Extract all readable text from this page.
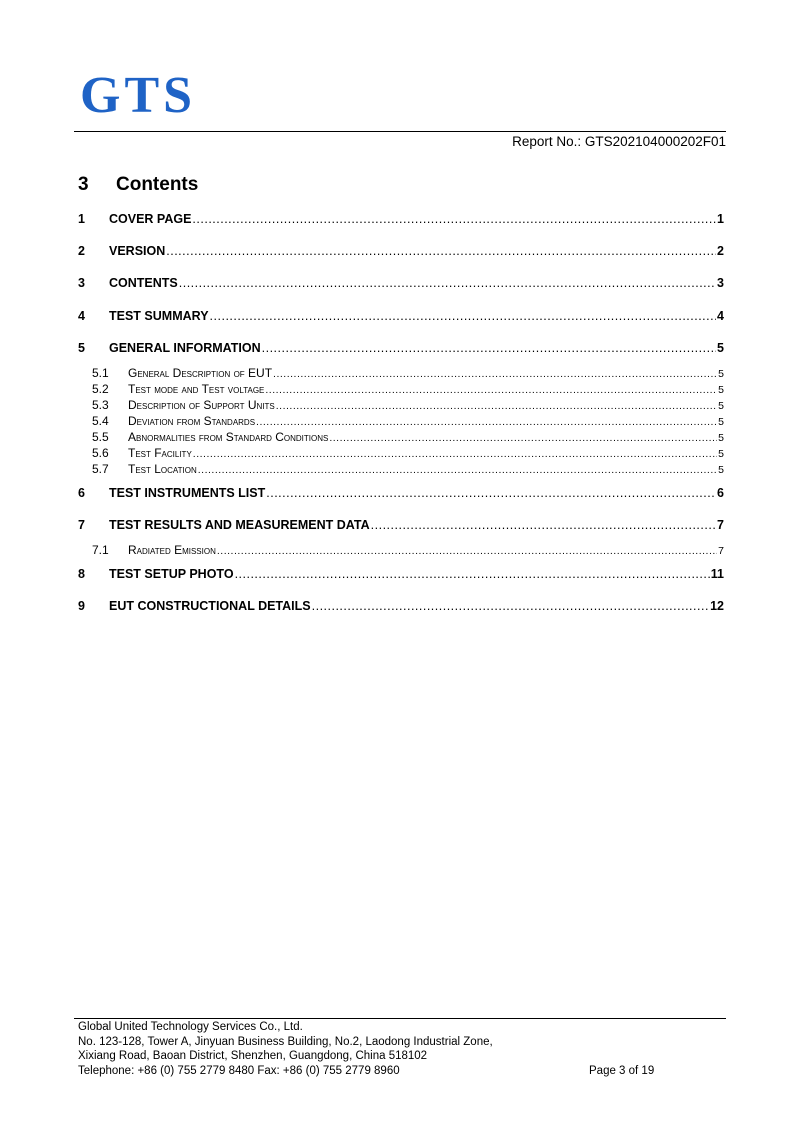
GTS
Report No.: GTS202104000202F01
3	Contents
1	COVER PAGE .....	1
2	VERSION .....	2
3	CONTENTS .....	3
4	TEST SUMMARY .....	4
5	GENERAL INFORMATION .....	5
5.1	General Description of EUT .....	5
5.2	Test mode and Test voltage .....	5
5.3	Description of Support Units .....	5
5.4	Deviation from Standards .....	5
5.5	Abnormalities from Standard Conditions .....	5
5.6	Test Facility .....	5
5.7	Test Location .....	5
6	TEST INSTRUMENTS LIST .....	6
7	TEST RESULTS AND MEASUREMENT DATA .....	7
7.1	Radiated Emission .....	7
8	TEST SETUP PHOTO .....	11
9	EUT CONSTRUCTIONAL DETAILS .....	12
Global United Technology Services Co., Ltd.
No. 123-128, Tower A, Jinyuan Business Building, No.2, Laodong Industrial Zone,
Xixiang Road, Baoan District, Shenzhen, Guangdong, China 518102
Telephone: +86 (0) 755 2779 8480 Fax: +86 (0) 755 2779 8960	Page 3 of 19
